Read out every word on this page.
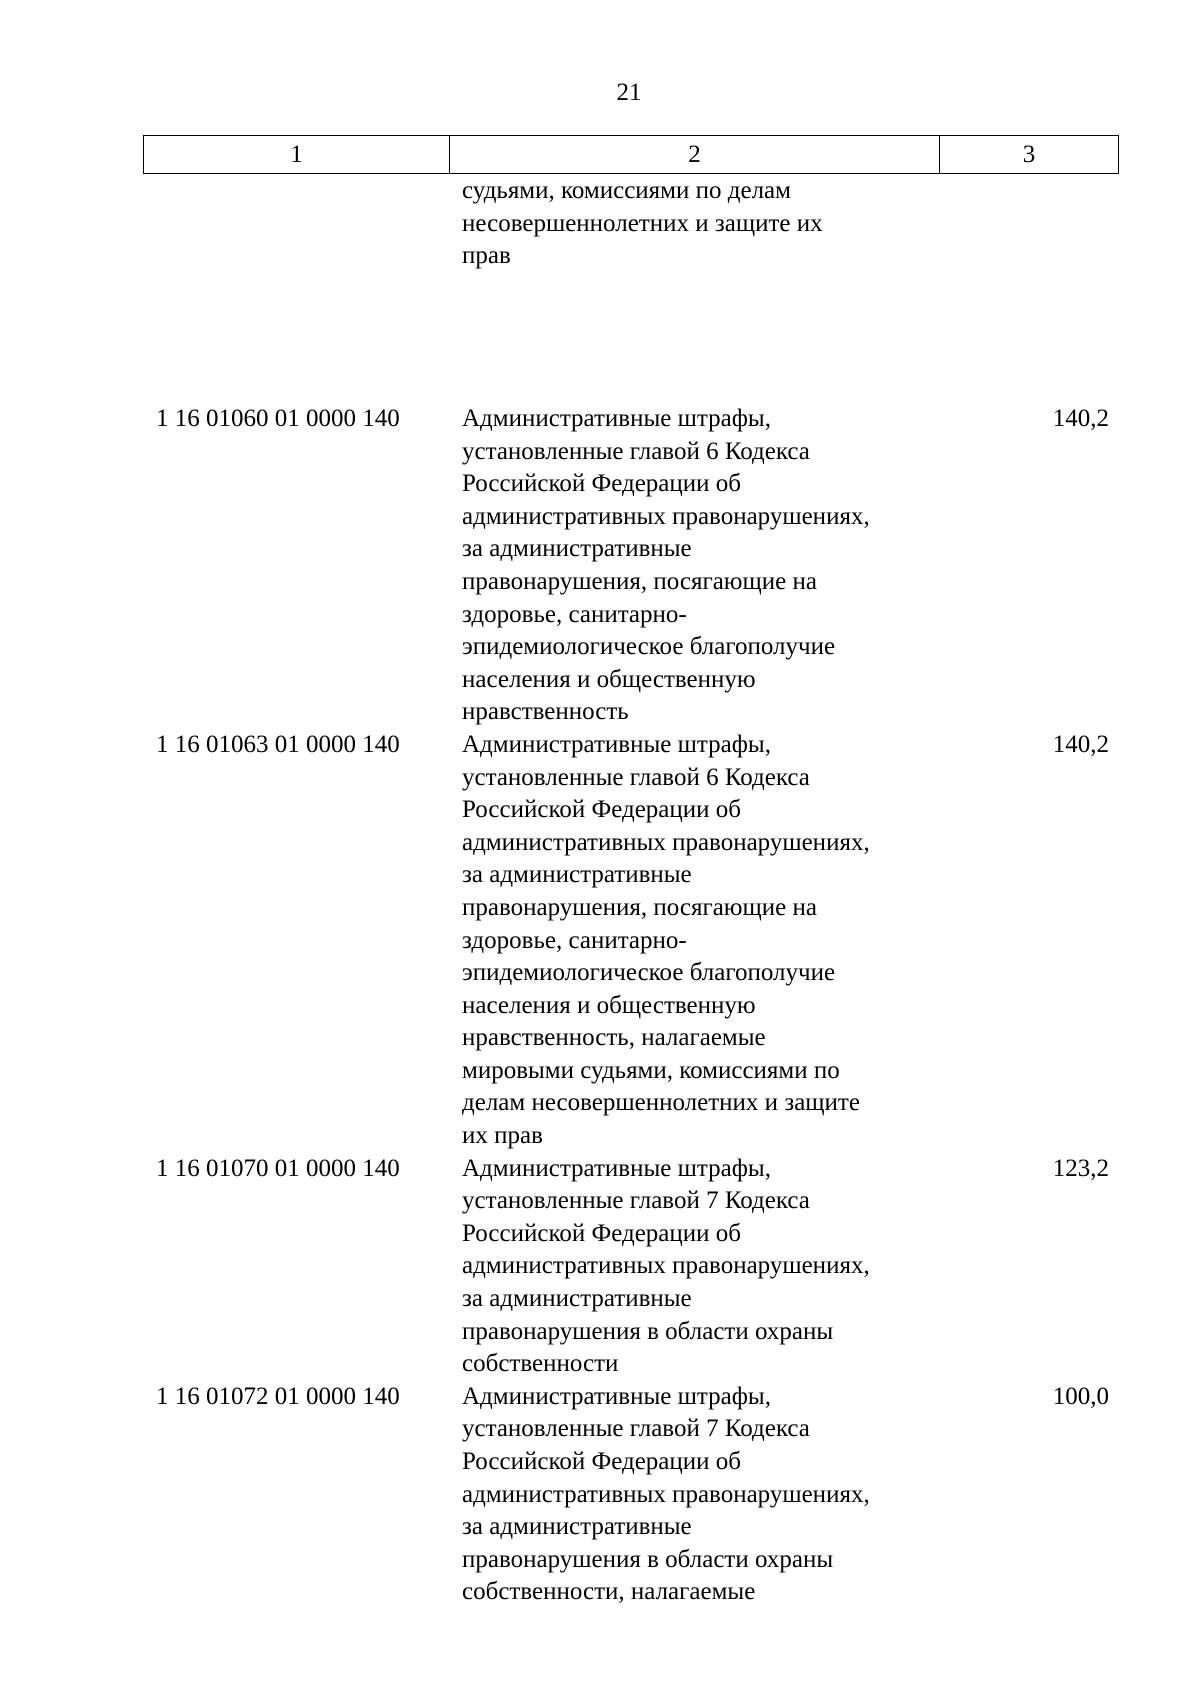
21
1	2	3
судьями, комиссиями по делам
несовершеннолетних и защите их
прав
1 16 01060 01 0000 140	Административные штрафы,
установленные главой 6 Кодекса
Российской Федерации об
административных правонарушениях,
за административные
правонарушения, посягающие на
здоровье, санитарно-
эпидемиологическое благополучие
населения и общественную
нравственность
140,2
1 16 01063 01 0000 140	Административные штрафы,
установленные главой 6 Кодекса
Российской Федерации об
административных правонарушениях,
за административные
правонарушения, посягающие на
здоровье, санитарно-
эпидемиологическое благополучие
населения и общественную
нравственность, налагаемые
мировыми судьями, комиссиями по
делам несовершеннолетних и защите
их прав
140,2
1 16 01070 01 0000 140	Административные штрафы,
установленные главой 7 Кодекса
Российской Федерации об
административных правонарушениях,
за административные
правонарушения в области охраны
собственности
123,2
1 16 01072 01 0000 140	Административные штрафы,
установленные главой 7 Кодекса
Российской Федерации об
административных правонарушениях,
за административные
правонарушения в области охраны
собственности, налагаемые
100,0
